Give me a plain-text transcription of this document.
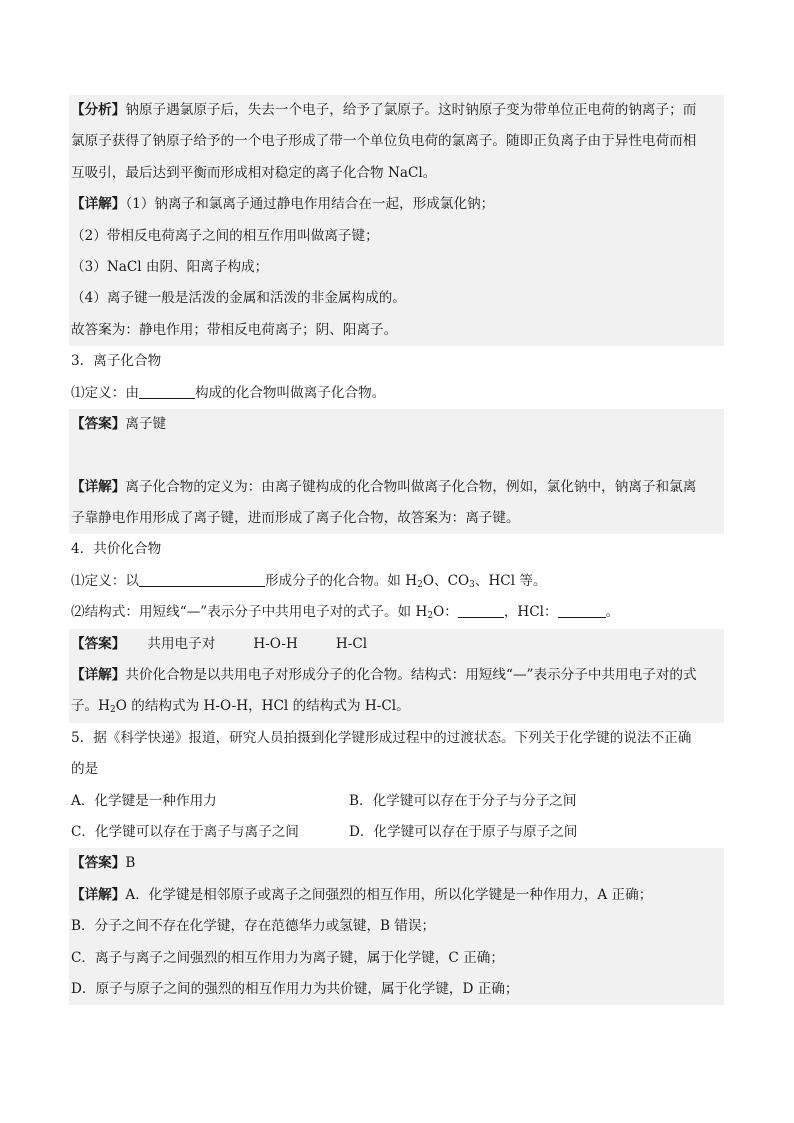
【分析】钠原子遇氯原子后，失去一个电子，给予了氯原子。这时钠原子变为带单位正电荷的钠离子；而
氯原子获得了钠原子给予的一个电子形成了带一个单位负电荷的氯离子。随即正负离子由于异性电荷而相
互吸引，最后达到平衡而形成相对稳定的离子化合物 NaCl。
【详解】（1）钠离子和氯离子通过静电作用结合在一起，形成氯化钠；
（2）带相反电荷离子之间的相互作用叫做离子键；
（3）NaCl 由阴、阳离子构成；
（4）离子键一般是活泼的金属和活泼的非金属构成的。
故答案为：静电作用；带相反电荷离子；阴、阳离子。
3．离子化合物
⑴定义：由	构成的化合物叫做离子化合物。
【答案】离子键
【详解】离子化合物的定义为：由离子键构成的化合物叫做离子化合物，例如，氯化钠中，钠离子和氯离
子靠静电作用形成了离子键，进而形成了离子化合物，故答案为：离子键。
4．共价化合物
⑴定义：以	形成分子的化合物。如 $H_2O$、$CO_3$、HCl 等。
⑵结构式：用短线“—”表示分子中共用电子对的式子。如 $H_2O$：	，HCl：	。
【答案】 共用电子对	H-O-H	H-Cl
【详解】共价化合物是以共用电子对形成分子的化合物。结构式：用短线“—”表示分子中共用电子对的式
子。$H_2O$ 的结构式为 H-O-H，HCl 的结构式为 H-Cl。
5．据《科学快递》报道，研究人员拍摄到化学键形成过程中的过渡状态。下列关于化学键的说法不正确
的是
A．化学键是一种作用力	B．化学键可以存在于分子与分子之间
C．化学键可以存在于离子与离子之间	D．化学键可以存在于原子与原子之间
【答案】B
【详解】A．化学键是相邻原子或离子之间强烈的相互作用，所以化学键是一种作用力，A 正确；
B．分子之间不存在化学键，存在范德华力或氢键，B 错误；
C．离子与离子之间强烈的相互作用力为离子键，属于化学键，C 正确；
D．原子与原子之间的强烈的相互作用力为共价键，属于化学键，D 正确；
